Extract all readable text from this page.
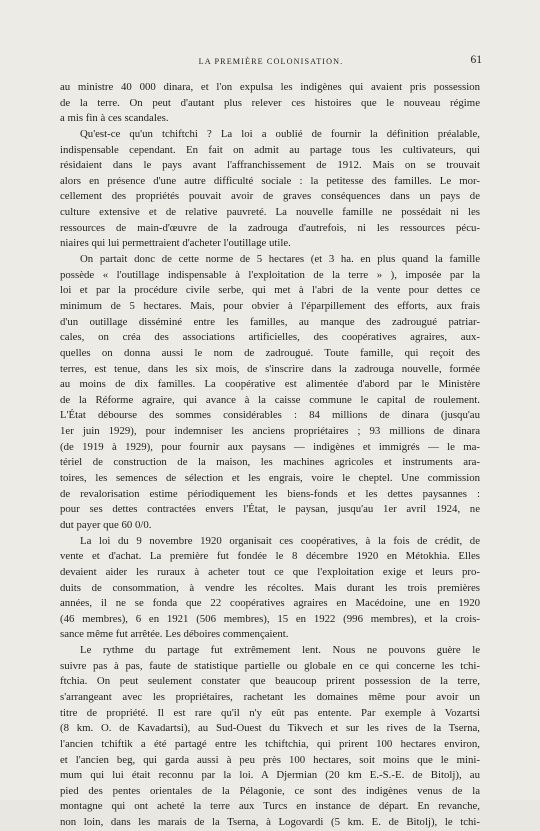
LA PREMIÈRE COLONISATION.	61
au ministre 40 000 dinara, et l'on expulsa les indigènes qui avaient pris possession
de la terre. On peut d'autant plus relever ces histoires que le nouveau régime
a mis fin à ces scandales.
Qu'est-ce qu'un tchiftchi ? La loi a oublié de fournir la définition préalable,
indispensable cependant. En fait on admit au partage tous les cultivateurs, qui
résidaient dans le pays avant l'affranchissement de 1912. Mais on se trouvait
alors en présence d'une autre difficulté sociale : la petitesse des familles. Le mor-
cellement des propriétés pouvait avoir de graves conséquences dans un pays de
culture extensive et de relative pauvreté. La nouvelle famille ne possédait ni les
ressources de main-d'œuvre de la zadrouga d'autrefois, ni les ressources pécu-
niaires qui lui permettraient d'acheter l'outillage utile.
On partait donc de cette norme de 5 hectares (et 3 ha. en plus quand la famille
possède « l'outillage indispensable à l'exploitation de la terre » ), imposée par la
loi et par la procédure civile serbe, qui met à l'abri de la vente pour dettes ce
minimum de 5 hectares. Mais, pour obvier à l'éparpillement des efforts, aux frais
d'un outillage disséminé entre les familles, au manque des zadrougué patriar-
cales, on créa des associations artificielles, des coopératives agraires, aux-
quelles on donna aussi le nom de zadrougué. Toute famille, qui reçoit des
terres, est tenue, dans les six mois, de s'inscrire dans la zadrouga nouvelle, formée
au moins de dix familles. La coopérative est alimentée d'abord par le Ministère
de la Réforme agraire, qui avance à la caisse commune le capital de roulement.
L'État débourse des sommes considérables : 84 millions de dinara (jusqu'au
1er juin 1929), pour indemniser les anciens propriétaires ; 93 millions de dinara
(de 1919 à 1929), pour fournir aux paysans — indigènes et immigrés — le ma-
tériel de construction de la maison, les machines agricoles et instruments ara-
toires, les semences de sélection et les engrais, voire le cheptel. Une commission
de revalorisation estime périodiquement les biens-fonds et les dettes paysannes :
pour ses dettes contractées envers l'État, le paysan, jusqu'au 1er avril 1924, ne
dut payer que 60 0/0.
La loi du 9 novembre 1920 organisait ces coopératives, à la fois de crédit, de
vente et d'achat. La première fut fondée le 8 décembre 1920 en Métokhia. Elles
devaient aider les ruraux à acheter tout ce que l'exploitation exige et leurs pro-
duits de consommation, à vendre les récoltes. Mais durant les trois premières
années, il ne se fonda que 22 coopératives agraires en Macédoine, une en 1920
(46 membres), 6 en 1921 (506 membres), 15 en 1922 (996 membres), et la crois-
sance même fut arrêtée. Les déboires commençaient.
Le rythme du partage fut extrêmement lent. Nous ne pouvons guère le
suivre pas à pas, faute de statistique partielle ou globale en ce qui concerne les tchi-
ftchia. On peut seulement constater que beaucoup prirent possession de la terre,
s'arrangeant avec les propriétaires, rachetant les domaines même pour avoir un
titre de propriété. Il est rare qu'il n'y eût pas entente. Par exemple à Vozartsi
(8 km. O. de Kavadartsi), au Sud-Ouest du Tikvech et sur les rives de la Tserna,
l'ancien tchiftik a été partagé entre les tchiftchia, qui prirent 100 hectares environ,
et l'ancien beg, qui garda aussi à peu près 100 hectares, soit moins que le mini-
mum qui lui était reconnu par la loi. A Djermian (20 km E.-S.-E. de Bitolj), au
pied des pentes orientales de la Pélagonie, ce sont des indigènes venus de la
montagne qui ont acheté la terre aux Turcs en instance de départ. En revanche,
non loin, dans les marais de la Tserna, à Logovardi (5 km. E. de Bitolj), le tchi-
